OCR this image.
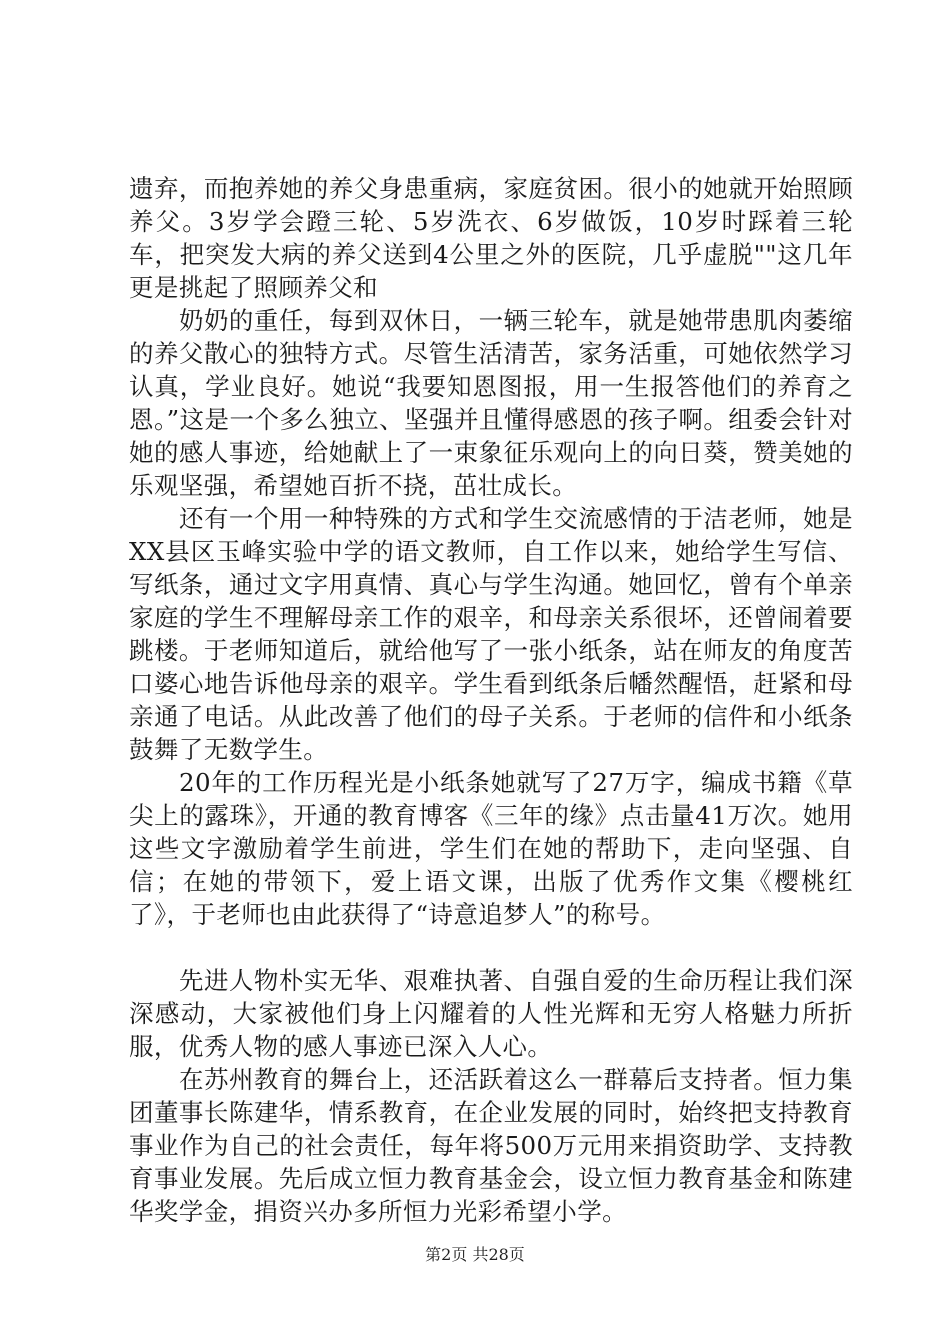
遗弃，而抱养她的养父身患重病，家庭贫困。很小的她就开始照顾养父。3岁学会蹬三轮、5岁洗衣、6岁做饭，10岁时踩着三轮车，把突发大病的养父送到4公里之外的医院，几乎虚脱""这几年更是挑起了照顾养父和

奶奶的重任，每到双休日，一辆三轮车，就是她带患肌肉萎缩的养父散心的独特方式。尽管生活清苦，家务活重，可她依然学习认真，学业良好。她说“我要知恩图报，用一生报答他们的养育之恩。”这是一个多么独立、坚强并且懂得感恩的孩子啊。组委会针对她的感人事迹，给她献上了一束象征乐观向上的向日葵，赞美她的乐观坚强，希望她百折不挠，茁壮成长。

还有一个用一种特殊的方式和学生交流感情的于洁老师，她是XX县区玉峰实验中学的语文教师，自工作以来，她给学生写信、写纸条，通过文字用真情、真心与学生沟通。她回忆，曾有个单亲家庭的学生不理解母亲工作的艰辛，和母亲关系很坏，还曾闹着要跳楼。于老师知道后，就给他写了一张小纸条，站在师友的角度苦口婆心地告诉他母亲的艰辛。学生看到纸条后幡然醒悟，赶紧和母亲通了电话。从此改善了他们的母子关系。于老师的信件和小纸条鼓舞了无数学生。

20年的工作历程光是小纸条她就写了27万字，编成书籍《草尖上的露珠》，开通的教育博客《三年的缘》点击量41万次。她用这些文字激励着学生前进，学生们在她的帮助下，走向坚强、自信；在她的带领下，爱上语文课，出版了优秀作文集《樱桃红了》，于老师也由此获得了“诗意追梦人”的称号。

先进人物朴实无华、艰难执著、自强自爱的生命历程让我们深深感动，大家被他们身上闪耀着的人性光辉和无穷人格魅力所折服，优秀人物的感人事迹已深入人心。

在苏州教育的舞台上，还活跃着这么一群幕后支持者。恒力集团董事长陈建华，情系教育，在企业发展的同时，始终把支持教育事业作为自己的社会责任，每年将500万元用来捐资助学、支持教育事业发展。先后成立恒力教育基金会，设立恒力教育基金和陈建华奖学金，捐资兴办多所恒力光彩希望小学。

第2页 共28页
